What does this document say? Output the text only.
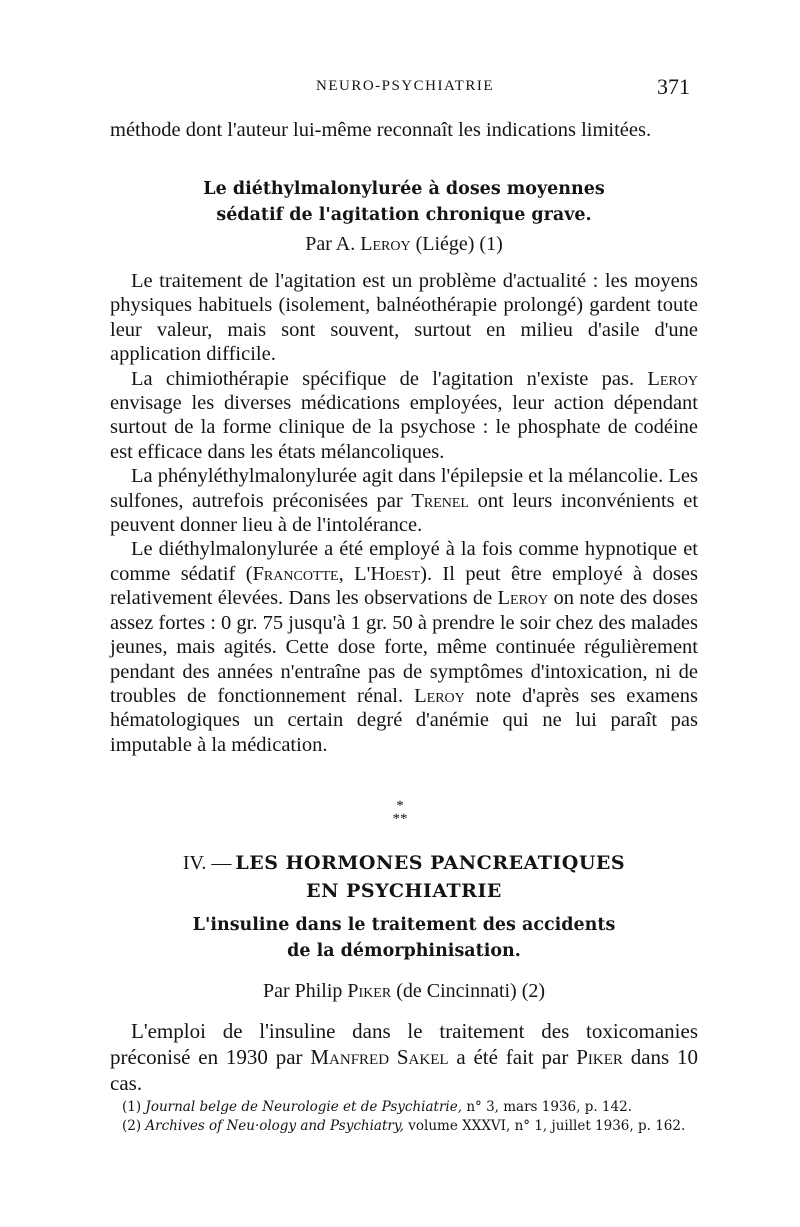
NEURO-PSYCHIATRIE	371

méthode dont l'auteur lui-même reconnaît les indications limitées.

Le diéthylmalonylurée à doses moyennes

sédatif de l'agitation chronique grave.

Par A. Leroy (Liége) (1)

Le traitement de l'agitation est un problème d'actualité : les moyens physiques habituels (isolement, balnéothérapie prolongé) gardent toute leur valeur, mais sont souvent, surtout en milieu d'asile d'une application difficile.

La chimiothérapie spécifique de l'agitation n'existe pas. Leroy envisage les diverses médications employées, leur action dépendant surtout de la forme clinique de la psychose : le phosphate de codéine est efficace dans les états mélancoliques.

La phényléthylmalonylurée agit dans l'épilepsie et la mélancolie. Les sulfones, autrefois préconisées par Trenel ont leurs inconvénients et peuvent donner lieu à de l'intolérance.

Le diéthylmalonylurée a été employé à la fois comme hypnotique et comme sédatif (Francotte, L'Hoest). Il peut être employé à doses relativement élevées. Dans les observations de Leroy on note des doses assez fortes : 0 gr. 75 jusqu'à 1 gr. 50 à prendre le soir chez des malades jeunes, mais agités. Cette dose forte, même continuée régulièrement pendant des années n'entraîne pas de symptômes d'intoxication, ni de troubles de fonctionnement rénal. Leroy note d'après ses examens hématologiques un certain degré d'anémie qui ne lui paraît pas imputable à la médication.

*
**
IV. — LES HORMONES PANCREATIQUES
EN PSYCHIATRIE

L'insuline dans le traitement des accidents

de la démorphinisation.

Par Philip Piker (de Cincinnati) (2)

L'emploi de l'insuline dans le traitement des toxicomanies préconisé en 1930 par Manfred Sakel a été fait par Piker dans 10 cas.

(1) Journal belge de Neurologie et de Psychiatrie, n° 3, mars 1936, p. 142.

(2) Archives of Neu·ology and Psychiatry, volume XXXVI, n° 1, juillet 1936, p. 162.
